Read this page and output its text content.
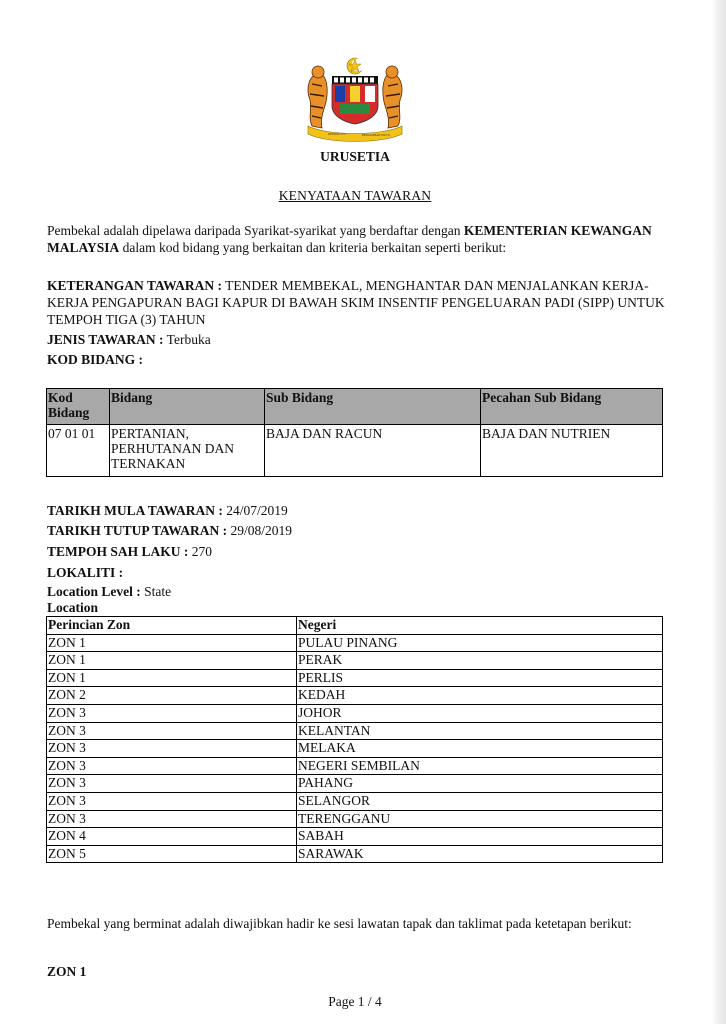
BERSEKUTU	BERTAMBAH MUTU
URUSETIA
KENYATAAN TAWARAN
Pembekal adalah dipelawa daripada Syarikat-syarikat yang berdaftar dengan KEMENTERIAN KEWANGAN MALAYSIA dalam kod bidang yang berkaitan dan kriteria berkaitan seperti berikut:
KETERANGAN TAWARAN : TENDER MEMBEKAL, MENGHANTAR DAN MENJALANKAN KERJA-KERJA PENGAPURAN BAGI KAPUR DI BAWAH SKIM INSENTIF PENGELUARAN PADI (SIPP) UNTUK TEMPOH TIGA (3) TAHUN
JENIS TAWARAN : Terbuka
KOD BIDANG :
Kod Bidang	Bidang	Sub Bidang	Pecahan Sub Bidang
07 01 01	PERTANIAN, PERHUTANAN DAN TERNAKAN	BAJA DAN RACUN	BAJA DAN NUTRIEN
TARIKH MULA TAWARAN : 24/07/2019
TARIKH TUTUP TAWARAN : 29/08/2019
TEMPOH SAH LAKU : 270
LOKALITI :
Location Level : State
Location
Perincian Zon	Negeri
ZON 1	PULAU PINANG
ZON 1	PERAK
ZON 1	PERLIS
ZON 2	KEDAH
ZON 3	JOHOR
ZON 3	KELANTAN
ZON 3	MELAKA
ZON 3	NEGERI SEMBILAN
ZON 3	PAHANG
ZON 3	SELANGOR
ZON 3	TERENGGANU
ZON 4	SABAH
ZON 5	SARAWAK
Pembekal yang berminat adalah diwajibkan hadir ke sesi lawatan tapak dan taklimat pada ketetapan berikut:
ZON 1
Page 1 / 4
